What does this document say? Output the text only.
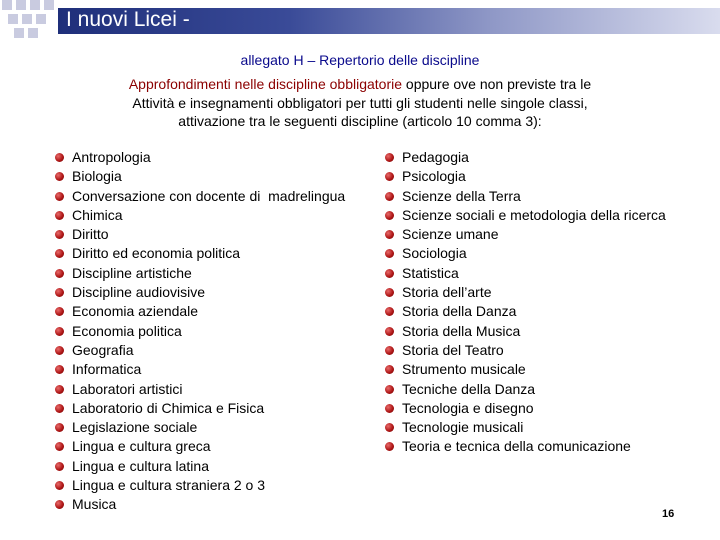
I nuovi Licei -
allegato H – Repertorio delle discipline
Approfondimenti nelle discipline obbligatorie oppure ove non previste tra le
Attività e insegnamenti obbligatori per tutti gli studenti nelle singole classi,
attivazione tra le seguenti discipline (articolo 10 comma 3):
Antropologia
Biologia
Conversazione con docente di  madrelingua
Chimica
Diritto
Diritto ed economia politica
Discipline artistiche
Discipline audiovisive
Economia aziendale
Economia politica
Geografia
Informatica
Laboratori artistici
Laboratorio di Chimica e Fisica
Legislazione sociale
Lingua e cultura greca
Lingua e cultura latina
Lingua e cultura straniera 2 o 3
Musica
Pedagogia
Psicologia
Scienze della Terra
Scienze sociali e metodologia della ricerca
Scienze umane
Sociologia
Statistica
Storia dell’arte
Storia della Danza
Storia della Musica
Storia del Teatro
Strumento musicale
Tecniche della Danza
Tecnologia e disegno
Tecnologie musicali
Teoria e tecnica della comunicazione
16
